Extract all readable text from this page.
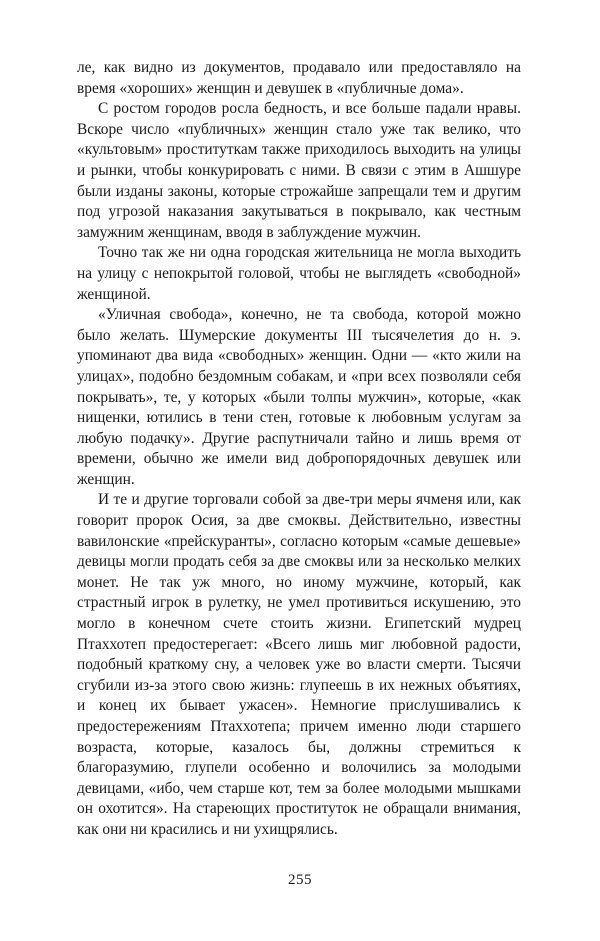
ле, как видно из документов, продавало или предоставляло на время «хороших» женщин и девушек в «публичные дома».

С ростом городов росла бедность, и все больше падали нравы. Вскоре число «публичных» женщин стало уже так велико, что «культовым» проституткам также приходилось выходить на улицы и рынки, чтобы конкурировать с ними. В связи с этим в Ашшуре были изданы законы, которые строжайше запрещали тем и другим под угрозой наказания закутываться в покрывало, как честным замужним женщинам, вводя в заблуждение мужчин.

Точно так же ни одна городская жительница не могла выходить на улицу с непокрытой головой, чтобы не выглядеть «свободной» женщиной.

«Уличная свобода», конечно, не та свобода, которой можно было желать. Шумерские документы III тысячелетия до н. э. упоминают два вида «свободных» женщин. Одни — «кто жили на улицах», подобно бездомным собакам, и «при всех позволяли себя покрывать», те, у которых «были толпы мужчин», которые, «как нищенки, ютились в тени стен, готовые к любовным услугам за любую подачку». Другие распутничали тайно и лишь время от времени, обычно же имели вид добропорядочных девушек или женщин.

И те и другие торговали собой за две-три меры ячменя или, как говорит пророк Осия, за две смоквы. Действительно, известны вавилонские «прейскуранты», согласно которым «самые дешевые» девицы могли продать себя за две смоквы или за несколько мелких монет. Не так уж много, но иному мужчине, который, как страстный игрок в рулетку, не умел противиться искушению, это могло в конечном счете стоить жизни. Египетский мудрец Птаххотеп предостерегает: «Всего лишь миг любовной радости, подобный краткому сну, а человек уже во власти смерти. Тысячи сгубили из-за этого свою жизнь: глупеешь в их нежных объятиях, и конец их бывает ужасен». Немногие прислушивались к предостережениям Птаххотепа; причем именно люди старшего возраста, которые, казалось бы, должны стремиться к благоразумию, глупели особенно и волочились за молодыми девицами, «ибо, чем старше кот, тем за более молодыми мышками он охотится». На стареющих проституток не обращали внимания, как они ни красились и ни ухищрялись.

255
